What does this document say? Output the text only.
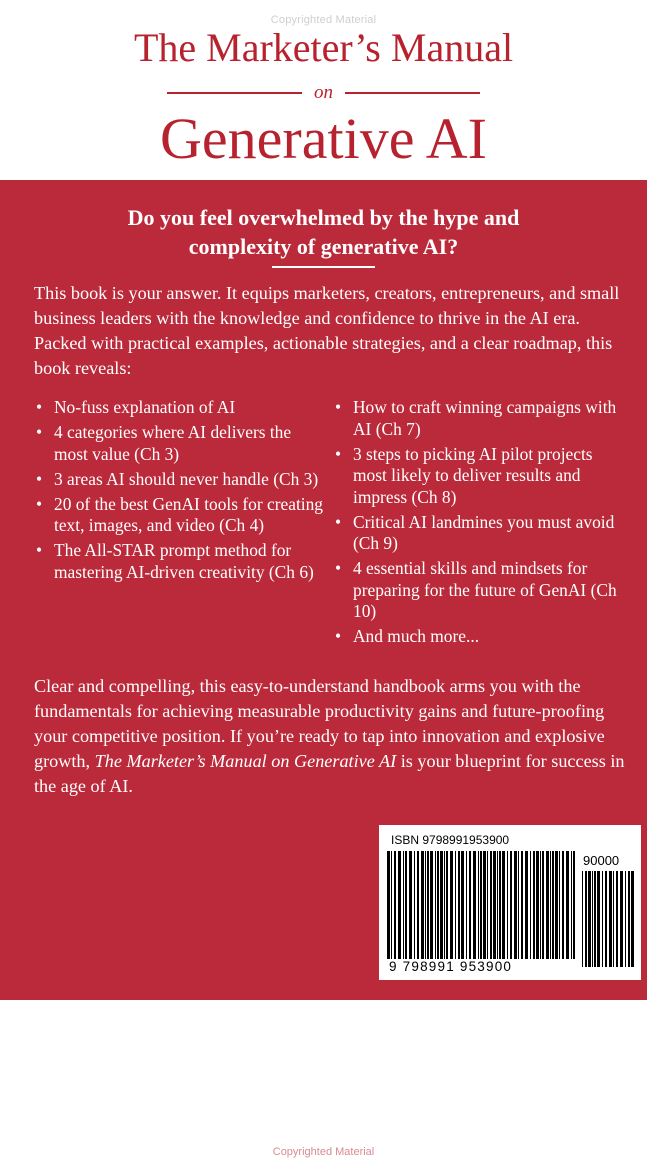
Copyrighted Material
The Marketer’s Manual
on
Generative AI
Do you feel overwhelmed by the hype and
complexity of generative AI?
This book is your answer. It equips marketers, creators, entrepreneurs, and small business leaders with the knowledge and confidence to thrive in the AI era. Packed with practical examples, actionable strategies, and a clear roadmap, this book reveals:
• No-fuss explanation of AI
• 4 categories where AI delivers the most value (Ch 3)
• 3 areas AI should never handle (Ch 3)
• 20 of the best GenAI tools for creating text, images, and video (Ch 4)
• The All-STAR prompt method for mastering AI-driven creativity (Ch 6)
• How to craft winning campaigns with AI (Ch 7)
• 3 steps to picking AI pilot projects most likely to deliver results and impress (Ch 8)
• Critical AI landmines you must avoid (Ch 9)
• 4 essential skills and mindsets for preparing for the future of GenAI (Ch 10)
• And much more...
Clear and compelling, this easy-to-understand handbook arms you with the fundamentals for achieving measurable productivity gains and future-proofing your competitive position. If you’re ready to tap into innovation and explosive growth, The Marketer’s Manual on Generative AI is your blueprint for success in the age of AI.
ISBN 9798991953900
90000
9 798991 953900
Copyrighted Material
